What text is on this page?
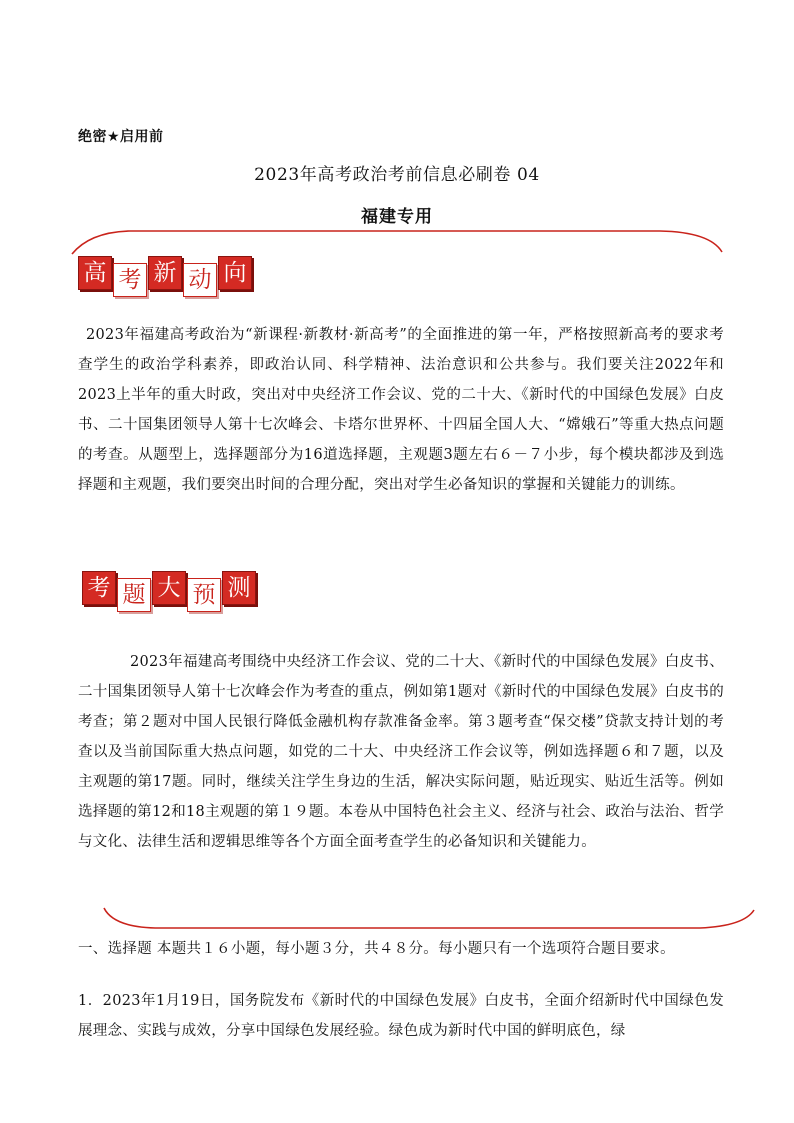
绝密★启用前
2023年高考政治考前信息必刷卷 04
福建专用
高 考 新 动 向
2023年福建高考政治为“新课程·新教材·新高考”的全面推进的第一年，严格按照新高考的要求考查学生的政治学科素养，即政治认同、科学精神、法治意识和公共参与。我们要关注2022年和2023上半年的重大时政，突出对中央经济工作会议、党的二十大、《新时代的中国绿色发展》白皮书、二十国集团领导人第十七次峰会、卡塔尔世界杯、十四届全国人大、“嫦娥石”等重大热点问题的考查。从题型上，选择题部分为16道选择题，主观题3题左右６－７小步，每个模块都涉及到选择题和主观题，我们要突出时间的合理分配，突出对学生必备知识的掌握和关键能力的训练。
考 题 大 预 测
2023年福建高考围绕中央经济工作会议、党的二十大、《新时代的中国绿色发展》白皮书、二十国集团领导人第十七次峰会作为考查的重点，例如第1题对《新时代的中国绿色发展》白皮书的考查；第２题对中国人民银行降低金融机构存款准备金率。第３题考查“保交楼”贷款支持计划的考查以及当前国际重大热点问题，如党的二十大、中央经济工作会议等，例如选择题６和７题，以及主观题的第17题。同时，继续关注学生身边的生活，解决实际问题，贴近现实、贴近生活等。例如选择题的第12和18主观题的第１９题。本卷从中国特色社会主义、经济与社会、政治与法治、哲学与文化、法律生活和逻辑思维等各个方面全面考查学生的必备知识和关键能力。
一、选择题 本题共１６小题，每小题３分，共４８分。每小题只有一个选项符合题目要求。
1．2023年1月19日，国务院发布《新时代的中国绿色发展》白皮书，全面介绍新时代中国绿色发展理念、实践与成效，分享中国绿色发展经验。绿色成为新时代中国的鲜明底色，绿
